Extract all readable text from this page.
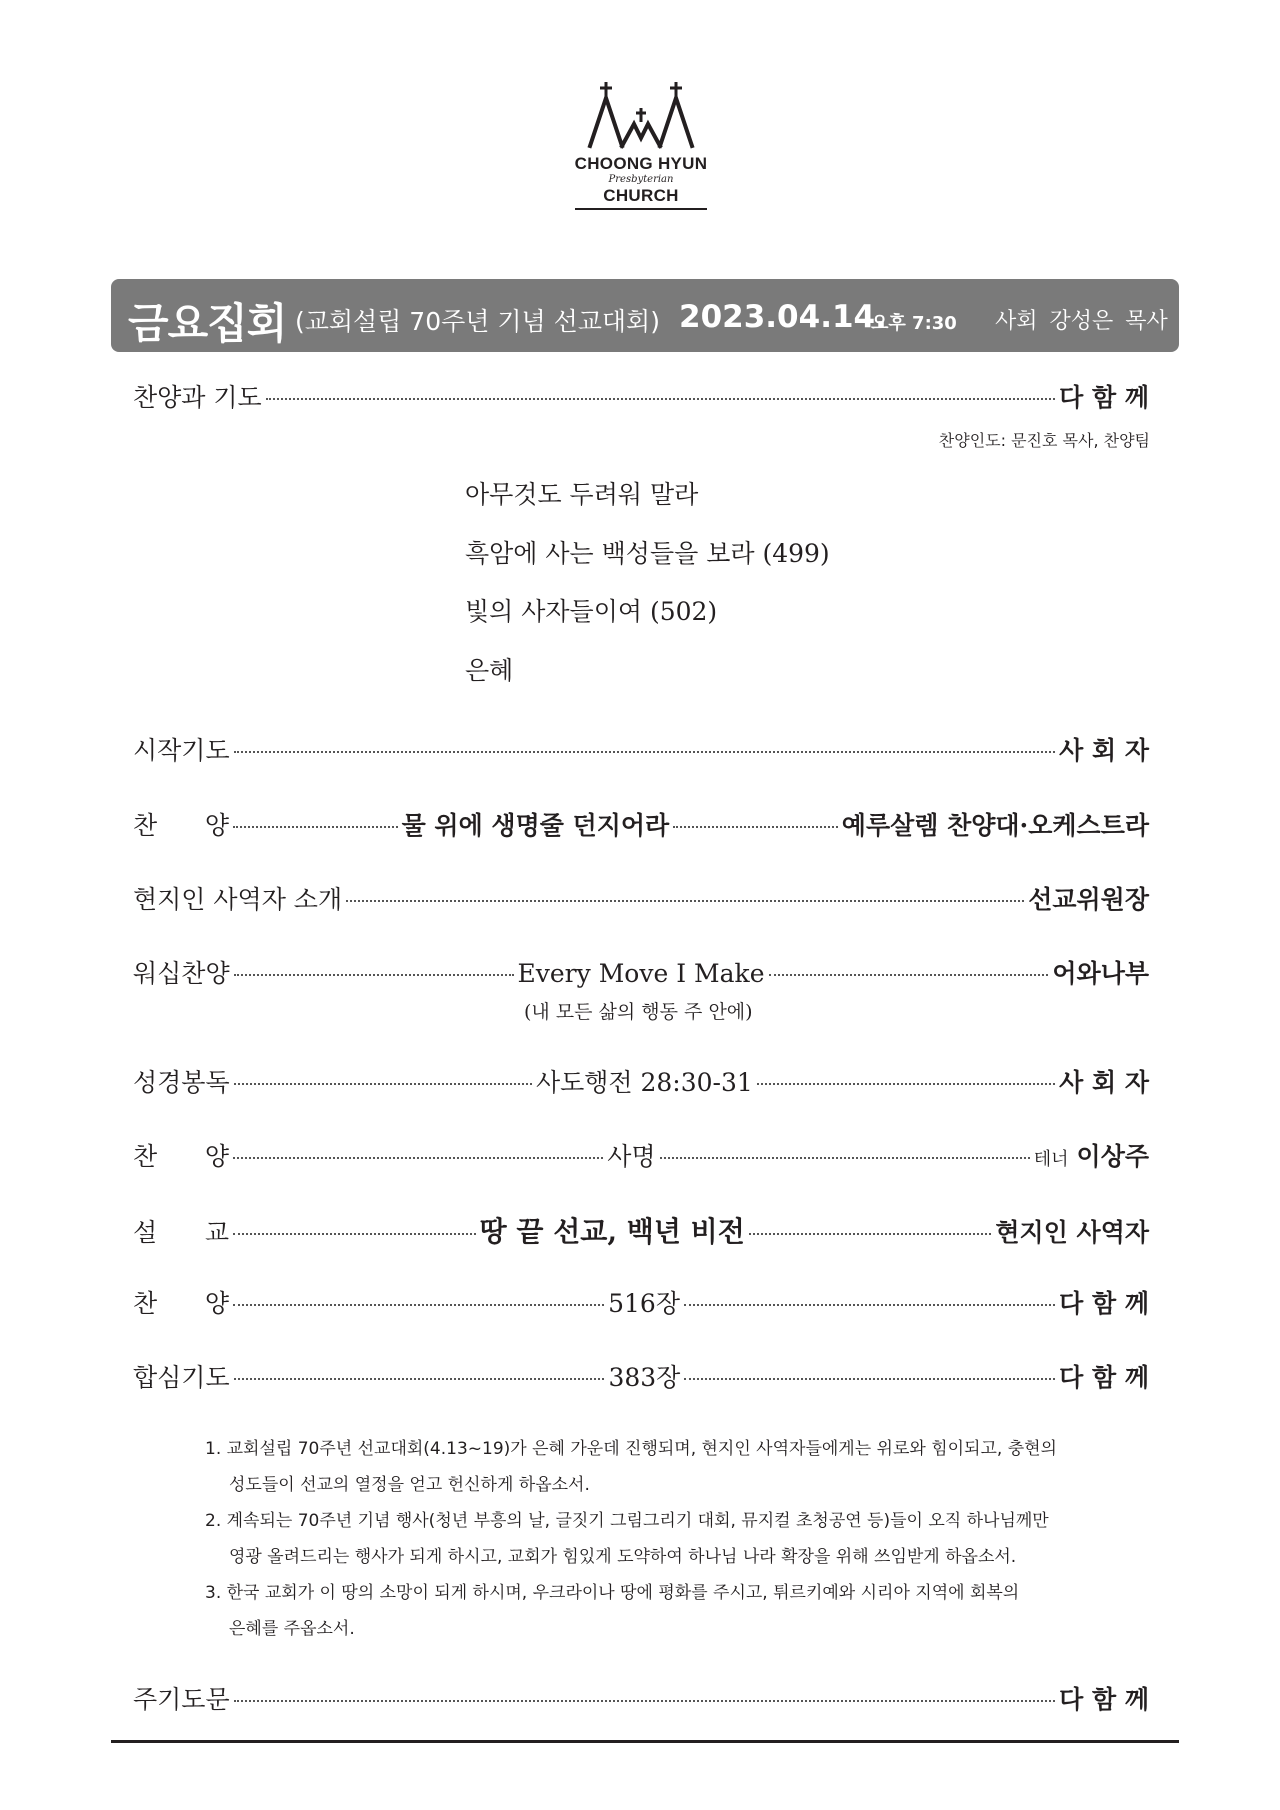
CHOONG HYUN
Presbyterian
CHURCH
금요집회 (교회설립 70주년 기념 선교대회) 2023.04.14.
오후 7:30 사회 강성은 목사
찬양과 기도	다 함 께
찬양인도: 문진호 목사, 찬양팀
아무것도 두려워 말라
흑암에 사는 백성들을 보라 (499)
빛의 사자들이여 (502)
은혜
시작기도	사 회 자
찬      양	물 위에 생명줄 던지어라	예루살렘 찬양대·오케스트라
현지인 사역자 소개	선교위원장
워십찬양	Every Move I Make	어와나부
(내 모든 삶의 행동 주 안에)
성경봉독	사도행전 28:30-31	사 회 자
찬      양	사명	테너 이상주
설      교	땅 끝 선교, 백년 비전	현지인 사역자
찬      양	516장	다 함 께
합심기도	383장	다 함 께
1. 교회설립 70주년 선교대회(4.13~19)가 은혜 가운데 진행되며, 현지인 사역자들에게는 위로와 힘이되고, 충현의
성도들이 선교의 열정을 얻고 헌신하게 하옵소서.
2. 계속되는 70주년 기념 행사(청년 부흥의 날, 글짓기 그림그리기 대회, 뮤지컬 초청공연 등)들이 오직 하나님께만
영광 올려드리는 행사가 되게 하시고, 교회가 힘있게 도약하여 하나님 나라 확장을 위해 쓰임받게 하옵소서.
3. 한국 교회가 이 땅의 소망이 되게 하시며, 우크라이나 땅에 평화를 주시고, 튀르키예와 시리아 지역에 회복의
은혜를 주옵소서.
주기도문	다 함 께
